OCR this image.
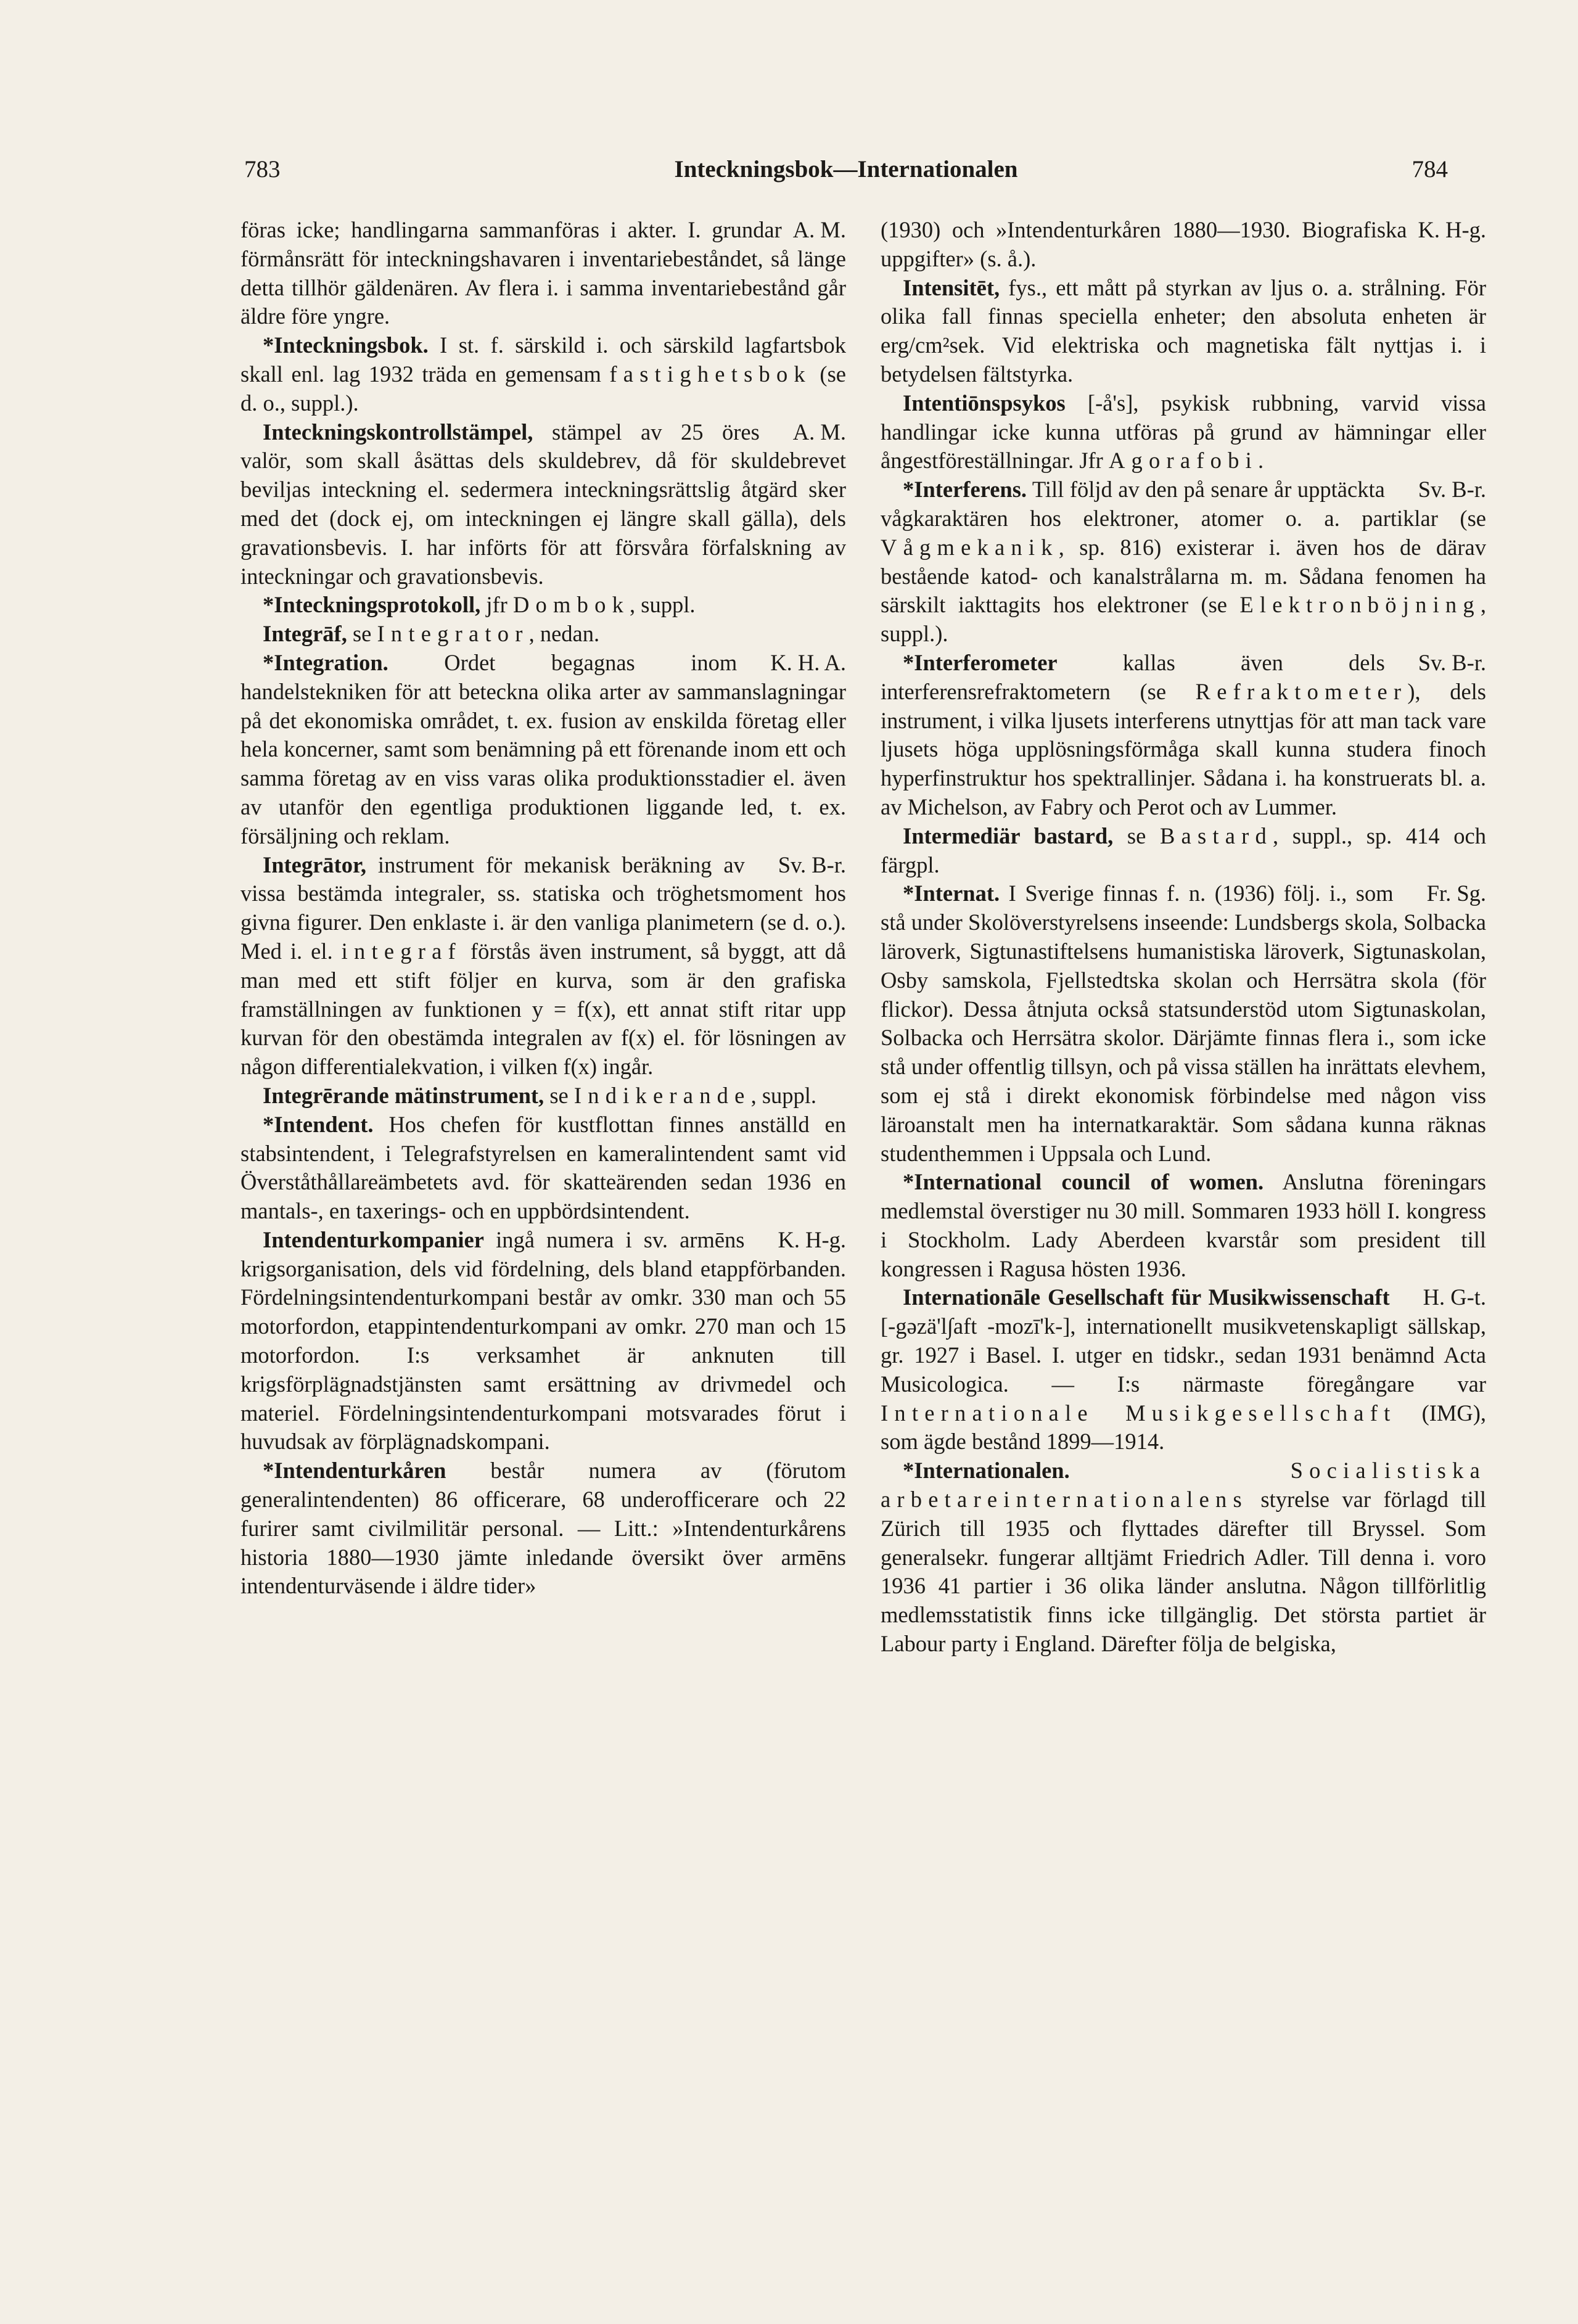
783	Inteckningsbok—Internationalen	784

A. M.
föras icke; handlingarna sammanföras i akter. I. grundar förmånsrätt för inteckningshavaren i inventariebeståndet, så länge detta tillhör gäldenären. Av flera i. i samma inventariebestånd går äldre före yngre.

*Inteckningsbok. I st. f. särskild i. och särskild lagfartsbok skall enl. lag 1932 träda en gemensam fastighetsbok (se d. o., suppl.).

A. M.
Inteckningskontrollstämpel, stämpel av 25 öres valör, som skall åsättas dels skuldebrev, då för skuldebrevet beviljas inteckning el. sedermera inteckningsrättslig åtgärd sker med det (dock ej, om inteckningen ej längre skall gälla), dels gravationsbevis. I. har införts för att försvåra förfalskning av inteckningar och gravationsbevis.

*Inteckningsprotokoll, jfr Dombok, suppl.

Integrāf, se Integrator, nedan.

K. H. A.
*Integration. Ordet begagnas inom handelstekniken för att beteckna olika arter av sammanslagningar på det ekonomiska området, t. ex. fusion av enskilda företag eller hela koncerner, samt som benämning på ett förenande inom ett och samma företag av en viss varas olika produktionsstadier el. även av utanför den egentliga produktionen liggande led, t. ex. försäljning och reklam.

Sv. B-r.
Integrātor, instrument för mekanisk beräkning av vissa bestämda integraler, ss. statiska och tröghetsmoment hos givna figurer. Den enklaste i. är den vanliga planimetern (se d. o.). Med i. el. integraf förstås även instrument, så byggt, att då man med ett stift följer en kurva, som är den grafiska framställningen av funktionen y = f(x), ett annat stift ritar upp kurvan för den obestämda integralen av f(x) el. för lösningen av någon differentialekvation, i vilken f(x) ingår.

Integrērande mätinstrument, se Indikerande, suppl.

*Intendent. Hos chefen för kustflottan finnes anställd en stabsintendent, i Telegrafstyrelsen en kameralintendent samt vid Överståthållareämbetets avd. för skatteärenden sedan 1936 en mantals-, en taxerings- och en uppbördsintendent.

K. H-g.
Intendenturkompanier ingå numera i sv. armēns krigsorganisation, dels vid fördelning, dels bland etappförbanden. Fördelningsintendenturkompani består av omkr. 330 man och 55 motorfordon, etappintendenturkompani av omkr. 270 man och 15 motorfordon. I:s verksamhet är anknuten till krigsförplägnadstjänsten samt ersättning av drivmedel och materiel. Fördelningsintendenturkompani motsvarades förut i huvudsak av förplägnadskompani.

*Intendenturkåren består numera av (förutom generalintendenten) 86 officerare, 68 underofficerare och 22 furirer samt civilmilitär personal. — Litt.: »Intendenturkårens historia 1880—1930 jämte inledande översikt över armēns intendenturväsende i äldre tider»

K. H-g.
(1930) och »Intendenturkåren 1880—1930. Biografiska uppgifter» (s. å.).

Intensitēt, fys., ett mått på styrkan av ljus o. a. strålning. För olika fall finnas speciella enheter; den absoluta enheten är erg/cm²sek. Vid elektriska och magnetiska fält nyttjas i. i betydelsen fältstyrka.

Intentiōnspsykos [-å's], psykisk rubbning, varvid vissa handlingar icke kunna utföras på grund av hämningar eller ångestföreställningar. Jfr Agorafobi.

Sv. B-r.
*Interferens. Till följd av den på senare år upptäckta vågkaraktären hos elektroner, atomer o. a. partiklar (se Vågmekanik, sp. 816) existerar i. även hos de därav bestående katod- och kanalstrålarna m. m. Sådana fenomen ha särskilt iakttagits hos elektroner (se Elektronböjning, suppl.).

Sv. B-r.
*Interferometer kallas även dels interferensrefraktometern (se Refraktometer), dels instrument, i vilka ljusets interferens utnyttjas för att man tack vare ljusets höga upplösningsförmåga skall kunna studera finoch hyperfinstruktur hos spektrallinjer. Sådana i. ha konstruerats bl. a. av Michelson, av Fabry och Perot och av Lummer.

Intermediär bastard, se Bastard, suppl., sp. 414 och färgpl.

Fr. Sg.
*Internat. I Sverige finnas f. n. (1936) följ. i., som stå under Skolöverstyrelsens inseende: Lundsbergs skola, Solbacka läroverk, Sigtunastiftelsens humanistiska läroverk, Sigtunaskolan, Osby samskola, Fjellstedtska skolan och Herrsätra skola (för flickor). Dessa åtnjuta också statsunderstöd utom Sigtunaskolan, Solbacka och Herrsätra skolor. Därjämte finnas flera i., som icke stå under offentlig tillsyn, och på vissa ställen ha inrättats elevhem, som ej stå i direkt ekonomisk förbindelse med någon viss läroanstalt men ha internatkaraktär. Som sådana kunna räknas studenthemmen i Uppsala och Lund.

*International council of women. Anslutna föreningars medlemstal överstiger nu 30 mill. Sommaren 1933 höll I. kongress i Stockholm. Lady Aberdeen kvarstår som president till kongressen i Ragusa hösten 1936.

H. G-t.
Internationāle Gesellschaft für Musikwissenschaft [-gəzä'l∫aft -mozī'k-], internationellt musikvetenskapligt sällskap, gr. 1927 i Basel. I. utger en tidskr., sedan 1931 benämnd Acta Musicologica. — I:s närmaste föregångare var Internationale Musikgesellschaft (IMG), som ägde bestånd 1899—1914.

*Internationalen.	Socialistiska arbetareinternationalens styrelse var förlagd till Zürich till 1935 och flyttades därefter till Bryssel. Som generalsekr. fungerar alltjämt Friedrich Adler. Till denna i. voro 1936 41 partier i 36 olika länder anslutna. Någon tillförlitlig medlemsstatistik finns icke tillgänglig. Det största partiet är Labour party i England. Därefter följa de belgiska,
